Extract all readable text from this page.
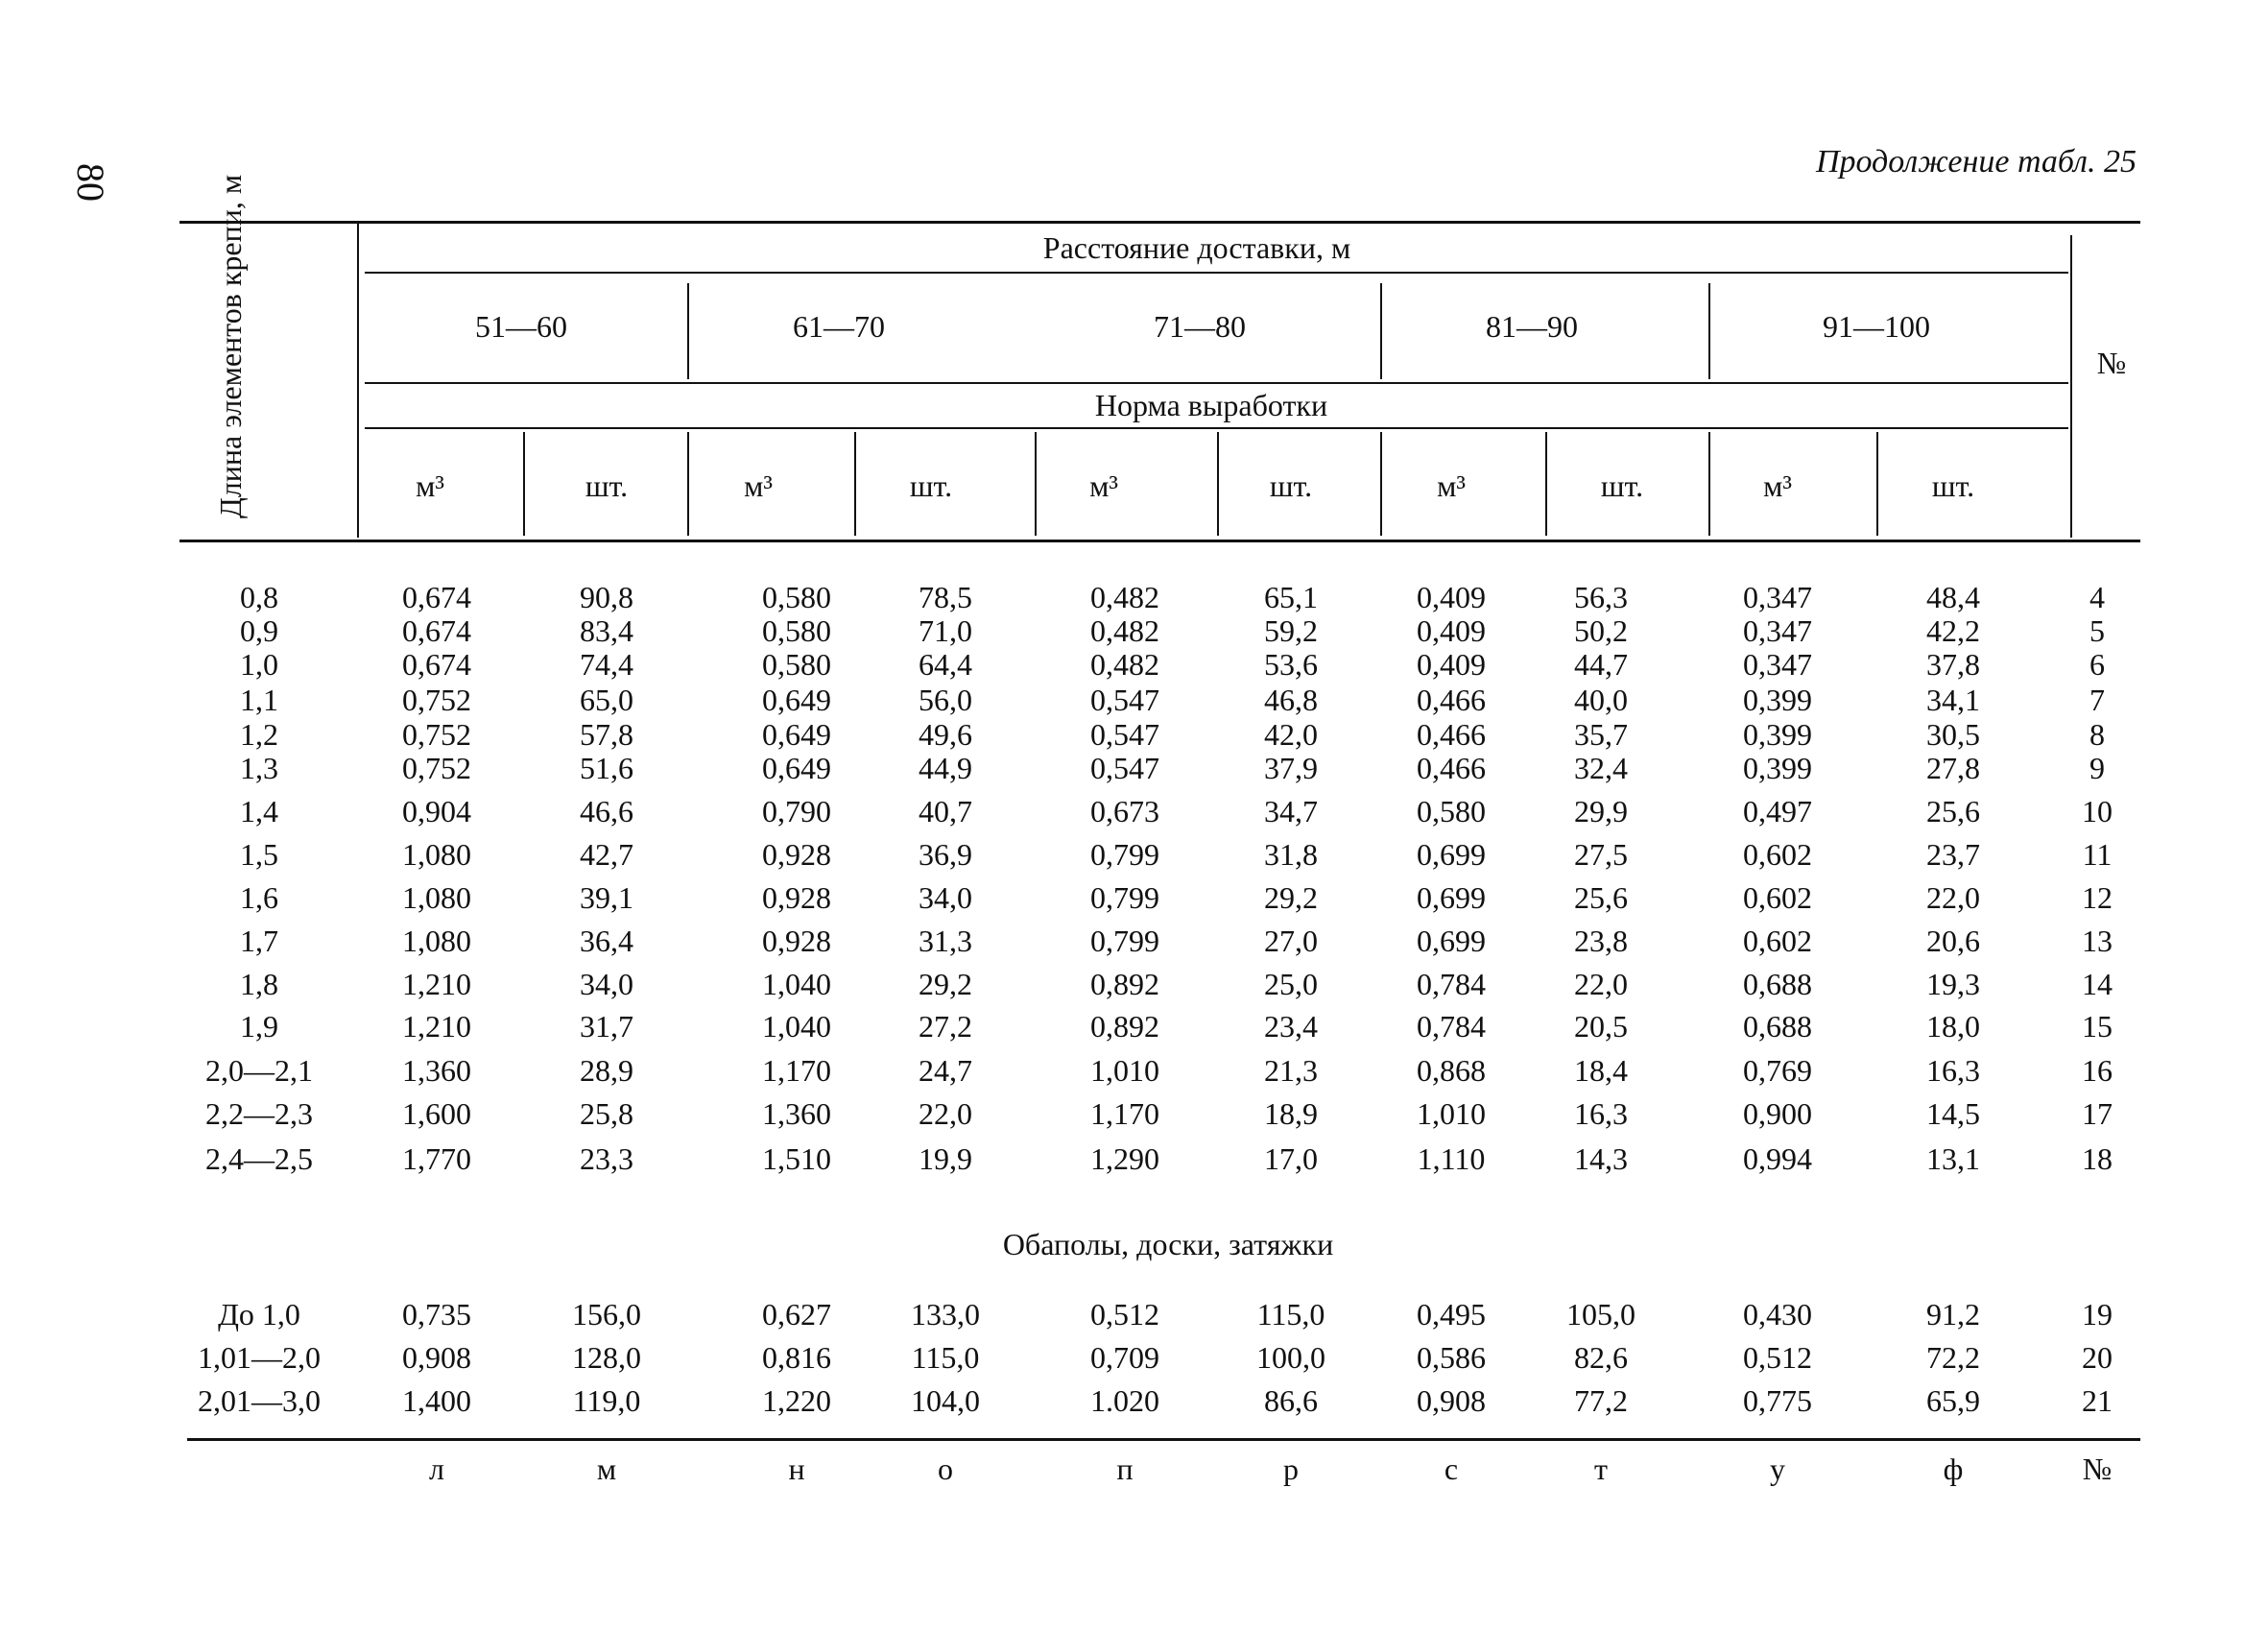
80
Продолжение табл. 25
Длина элементов крепи, м	Расстояние доставки, м
51—60	61—70	71—80	81—90	91—100
Норма выработки
№
м³	шт.	м³	шт.	м³	шт.	м³	шт.	м³	шт.
0,8	0,674	90,8	0,580	78,5	0,482	65,1	0,409	56,3	0,347	48,4	4
0,9	0,674	83,4	0,580	71,0	0,482	59,2	0,409	50,2	0,347	42,2	5
1,0	0,674	74,4	0,580	64,4	0,482	53,6	0,409	44,7	0,347	37,8	6
1,1	0,752	65,0	0,649	56,0	0,547	46,8	0,466	40,0	0,399	34,1	7
1,2	0,752	57,8	0,649	49,6	0,547	42,0	0,466	35,7	0,399	30,5	8
1,3	0,752	51,6	0,649	44,9	0,547	37,9	0,466	32,4	0,399	27,8	9
1,4	0,904	46,6	0,790	40,7	0,673	34,7	0,580	29,9	0,497	25,6	10
1,5	1,080	42,7	0,928	36,9	0,799	31,8	0,699	27,5	0,602	23,7	11
1,6	1,080	39,1	0,928	34,0	0,799	29,2	0,699	25,6	0,602	22,0	12
1,7	1,080	36,4	0,928	31,3	0,799	27,0	0,699	23,8	0,602	20,6	13
1,8	1,210	34,0	1,040	29,2	0,892	25,0	0,784	22,0	0,688	19,3	14
1,9	1,210	31,7	1,040	27,2	0,892	23,4	0,784	20,5	0,688	18,0	15
2,0—2,1	1,360	28,9	1,170	24,7	1,010	21,3	0,868	18,4	0,769	16,3	16
2,2—2,3	1,600	25,8	1,360	22,0	1,170	18,9	1,010	16,3	0,900	14,5	17
2,4—2,5	1,770	23,3	1,510	19,9	1,290	17,0	1,110	14,3	0,994	13,1	18
До 1,0	0,735	156,0	0,627	133,0	0,512	115,0	0,495	105,0	0,430	91,2	19
1,01—2,0	0,908	128,0	0,816	115,0	0,709	100,0	0,586	82,6	0,512	72,2	20
2,01—3,0	1,400	119,0	1,220	104,0	1.020	86,6	0,908	77,2	0,775	65,9	21
Обаполы, доски, затяжки
л	м	н	о	п	р	с	т	у	ф	№
